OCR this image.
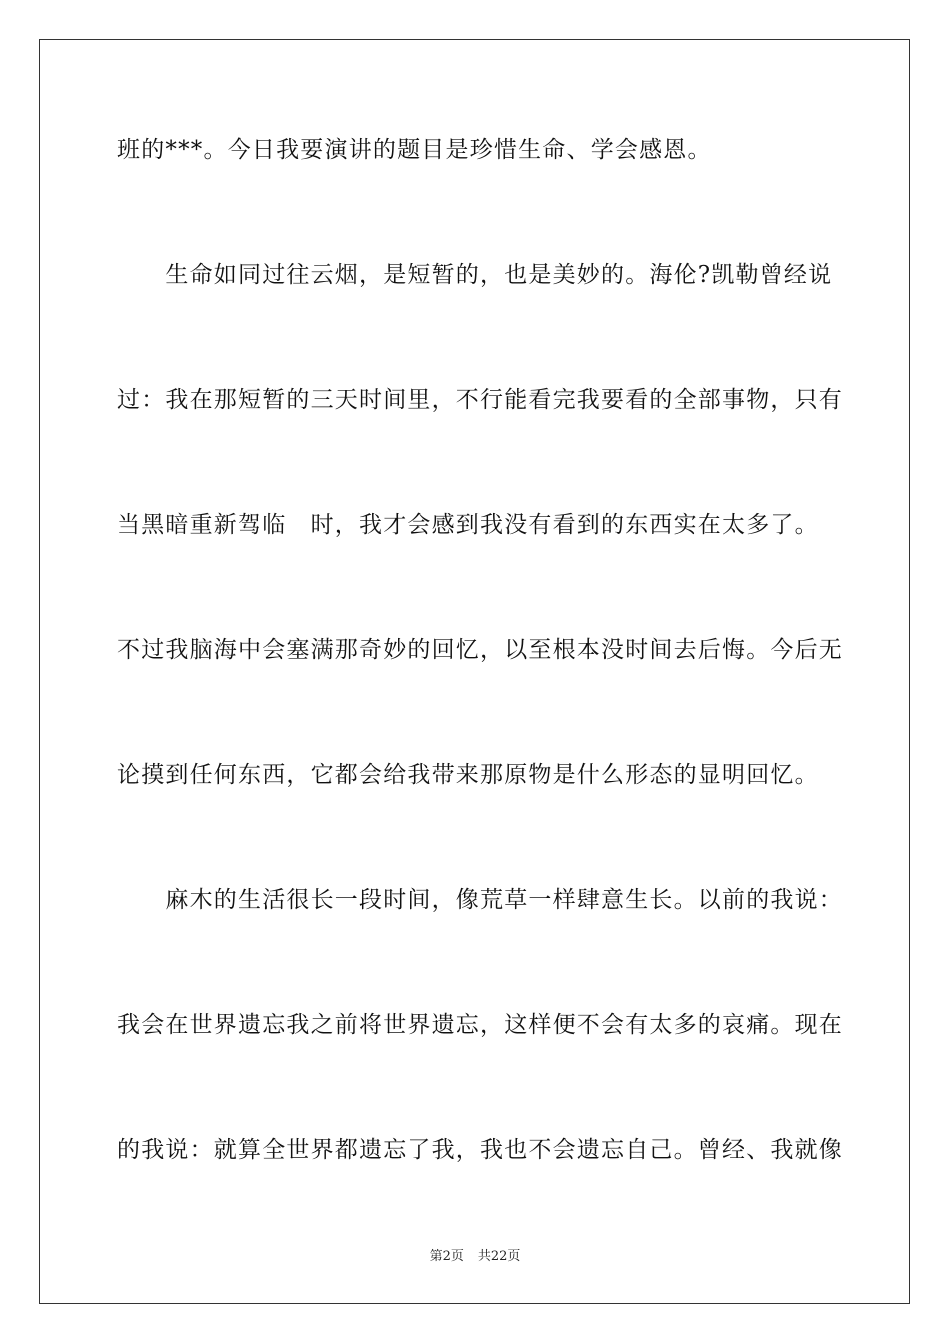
班的***。今日我要演讲的题目是珍惜生命、学会感恩。
　　生命如同过往云烟，是短暂的，也是美妙的。海伦?凯勒曾经说
过：我在那短暂的三天时间里，不行能看完我要看的全部事物，只有
当黑暗重新驾临　时，我才会感到我没有看到的东西实在太多了。
不过我脑海中会塞满那奇妙的回忆，以至根本没时间去后悔。今后无
论摸到任何东西，它都会给我带来那原物是什么形态的显明回忆。
　　麻木的生活很长一段时间，像荒草一样肆意生长。以前的我说：
我会在世界遗忘我之前将世界遗忘，这样便不会有太多的哀痛。现在
的我说：就算全世界都遗忘了我，我也不会遗忘自己。曾经、我就像
第2页 共22页
